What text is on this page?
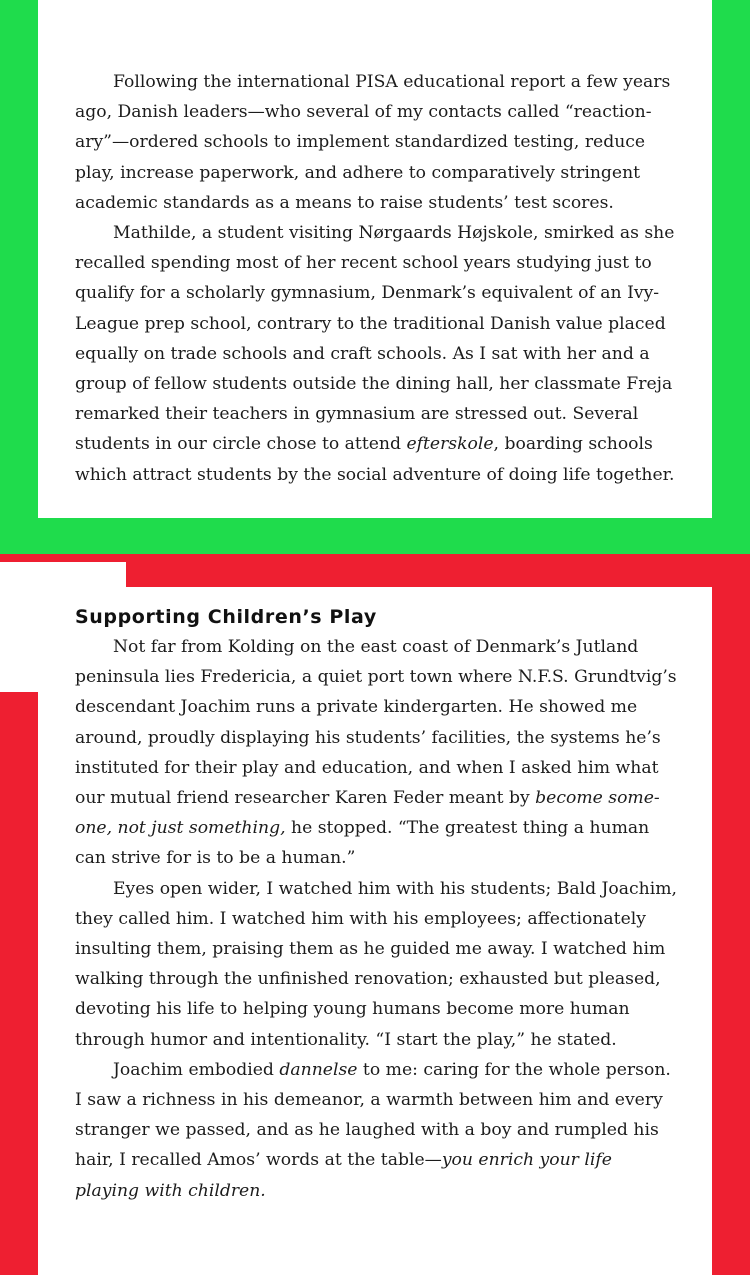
Following the international PISA educational report a few years ago, Danish leaders—who several of my contacts called “reactionary”—ordered schools to implement standardized testing, reduce play, increase paperwork, and adhere to comparatively stringent academic standards as a means to raise students’ test scores.

Mathilde, a student visiting Nørgaards Højskole, smirked as she recalled spending most of her recent school years studying just to qualify for a scholarly gymnasium, Denmark’s equivalent of an Ivy-League prep school, contrary to the traditional Danish value placed equally on trade schools and craft schools. As I sat with her and a group of fellow students outside the dining hall, her classmate Freja remarked their teachers in gymnasium are stressed out. Several students in our circle chose to attend efterskole, boarding schools which attract students by the social adventure of doing life together.

Supporting Children’s Play

Not far from Kolding on the east coast of Denmark’s Jutland peninsula lies Fredericia, a quiet port town where N.F.S. Grundtvig’s descendant Joachim runs a private kindergarten. He showed me around, proudly displaying his students’ facilities, the systems he’s instituted for their play and education, and when I asked him what our mutual friend researcher Karen Feder meant by become someone, not just something, he stopped. “The greatest thing a human can strive for is to be a human.”

Eyes open wider, I watched him with his students; Bald Joachim, they called him. I watched him with his employees; affectionately insulting them, praising them as he guided me away. I watched him walking through the unfinished renovation; exhausted but pleased, devoting his life to helping young humans become more human through humor and intentionality. “I start the play,” he stated.

Joachim embodied dannelse to me: caring for the whole person. I saw a richness in his demeanor, a warmth between him and every stranger we passed, and as he laughed with a boy and rumpled his hair, I recalled Amos’ words at the table—you enrich your life playing with children.
